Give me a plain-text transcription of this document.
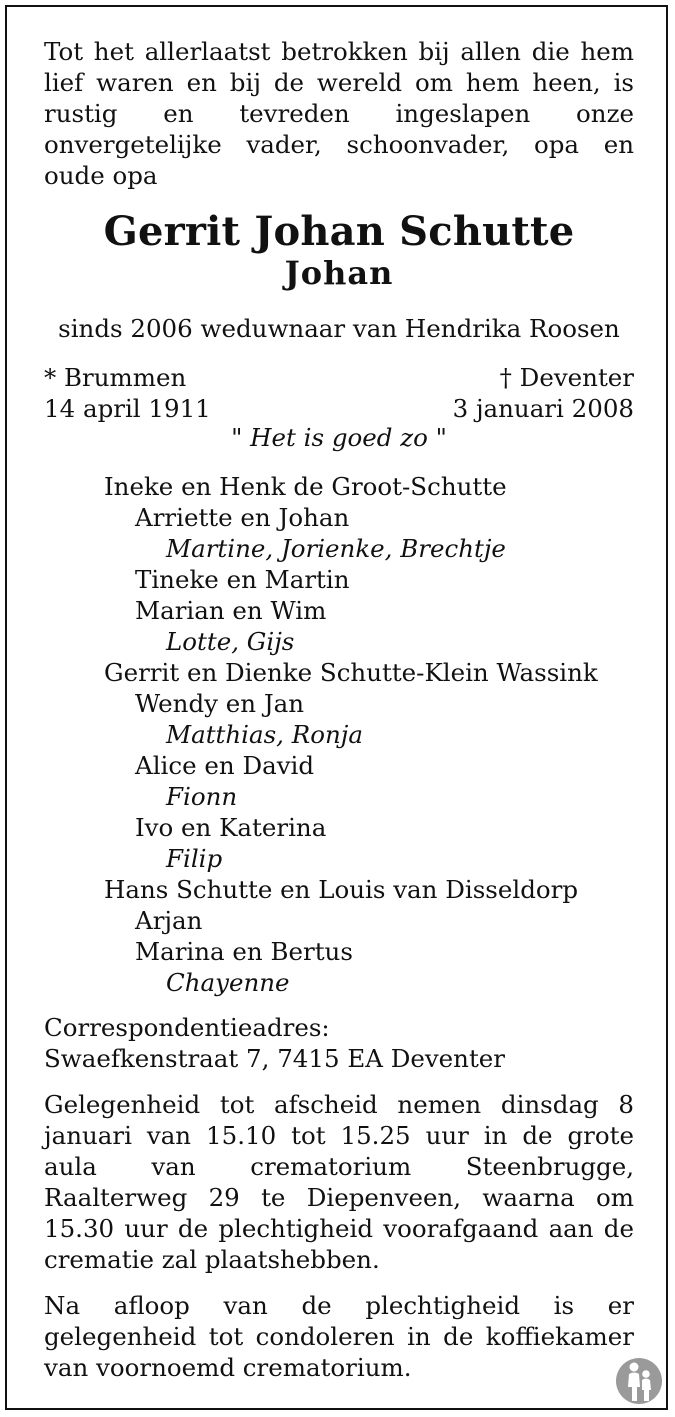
Tot het allerlaatst betrokken bij allen die hem lief waren en bij de wereld om hem heen, is rustig en tevreden ingeslapen onze onvergetelijke vader, schoonvader, opa en oude opa

Gerrit Johan Schutte
Johan
sinds 2006 weduwnaar van Hendrika Roosen
* Brummen
14 april 1911
† Deventer
3 januari 2008
" Het is goed zo "
Ineke en Henk de Groot-Schutte
Arriette en Johan
Martine, Jorienke, Brechtje
Tineke en Martin
Marian en Wim
Lotte, Gijs
Gerrit en Dienke Schutte-Klein Wassink
Wendy en Jan
Matthias, Ronja
Alice en David
Fionn
Ivo en Katerina
Filip
Hans Schutte en Louis van Disseldorp
Arjan
Marina en Bertus
Chayenne
Correspondentieadres:
Swaefkenstraat 7, 7415 EA Deventer

Gelegenheid tot afscheid nemen dinsdag 8 januari van 15.10 tot 15.25 uur in de grote aula van crematorium Steenbrugge, Raalterweg 29 te Diepenveen, waarna om 15.30 uur de plechtigheid voorafgaand aan de crematie zal plaatshebben.

Na afloop van de plechtigheid is er gelegenheid tot condoleren in de koffiekamer van voornoemd crematorium.
